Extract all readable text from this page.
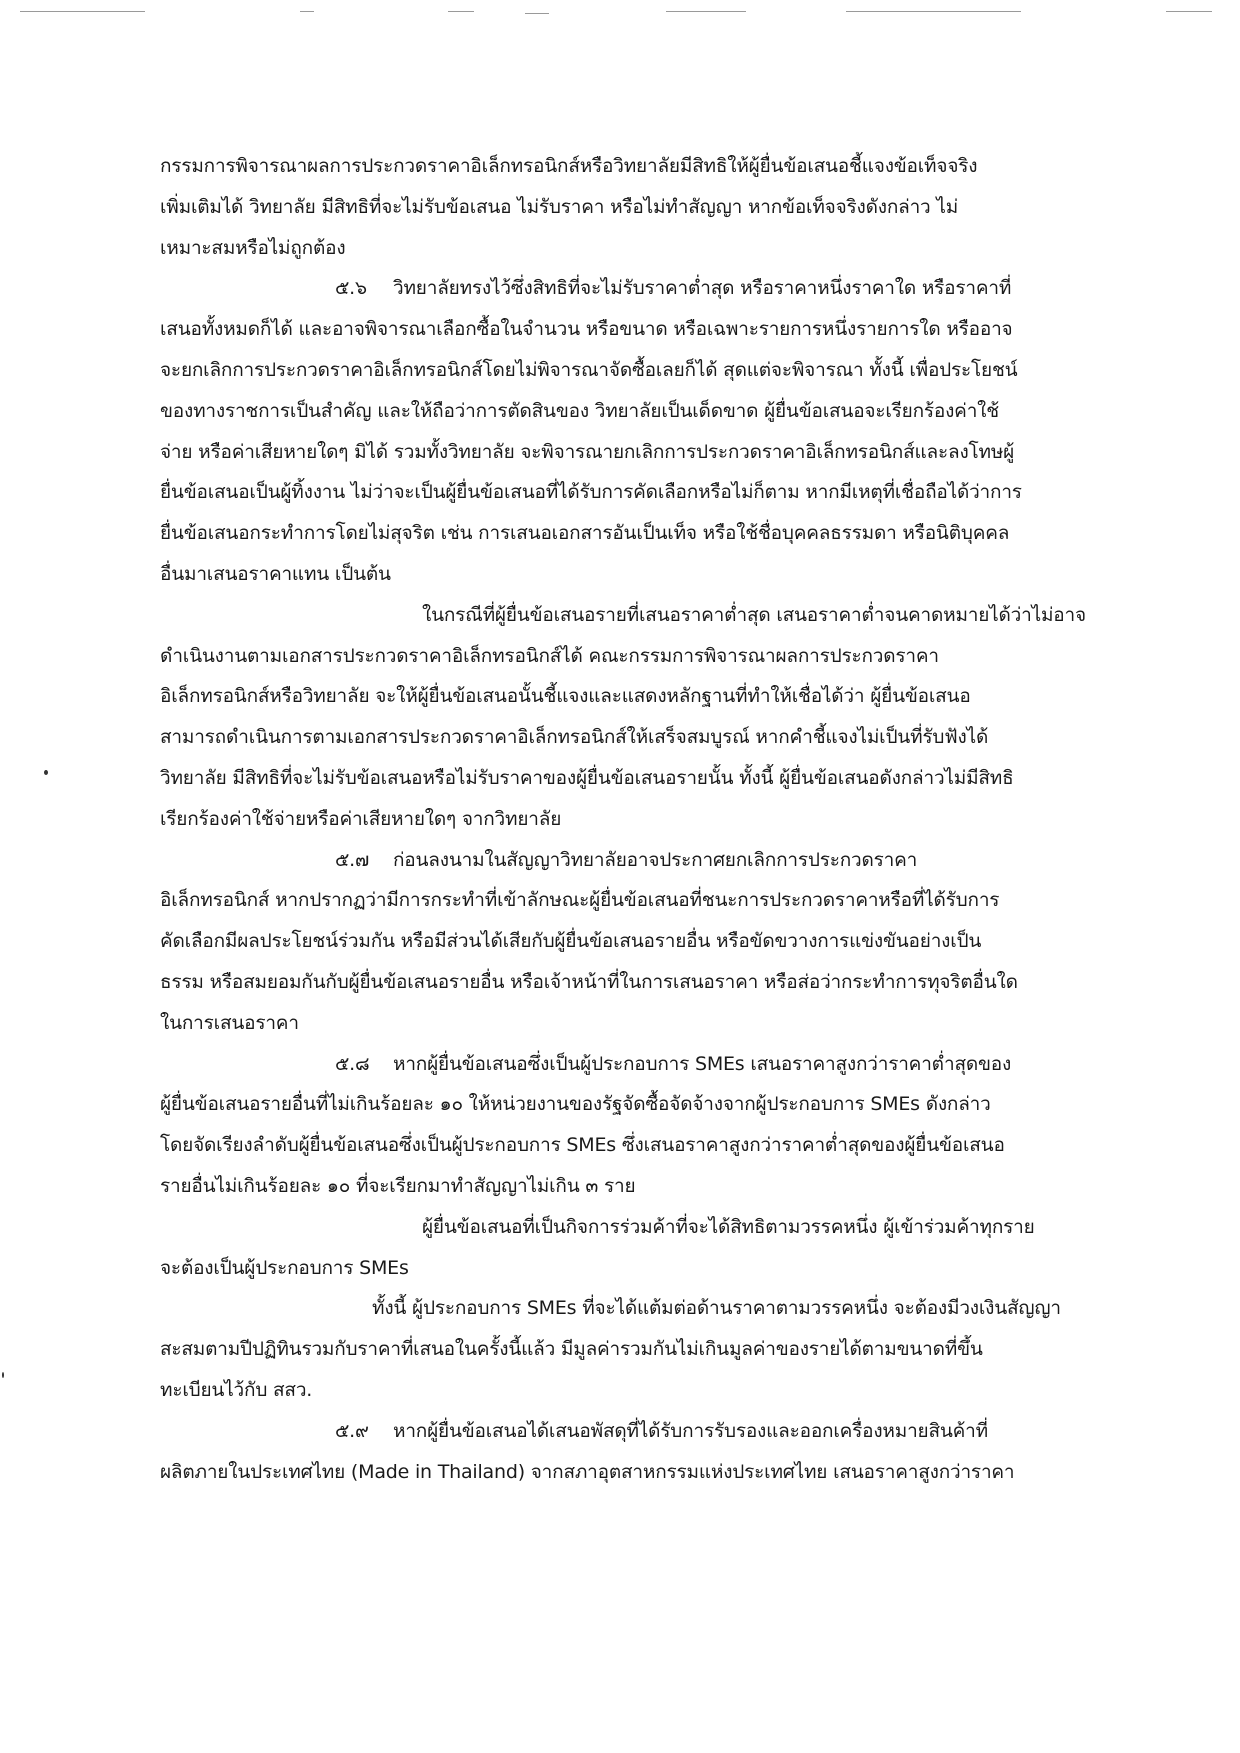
กรรมการพิจารณาผลการประกวดราคาอิเล็กทรอนิกส์หรือวิทยาลัยมีสิทธิให้ผู้ยื่นข้อเสนอชี้แจงข้อเท็จจริง
เพิ่มเติมได้ วิทยาลัย มีสิทธิที่จะไม่รับข้อเสนอ ไม่รับราคา หรือไม่ทำสัญญา หากข้อเท็จจริงดังกล่าว ไม่
เหมาะสมหรือไม่ถูกต้อง
๕.๖ วิทยาลัยทรงไว้ซึ่งสิทธิที่จะไม่รับราคาต่ำสุด หรือราคาหนึ่งราคาใด หรือราคาที่
เสนอทั้งหมดก็ได้ และอาจพิจารณาเลือกซื้อในจำนวน หรือขนาด หรือเฉพาะรายการหนึ่งรายการใด หรืออาจ
จะยกเลิกการประกวดราคาอิเล็กทรอนิกส์โดยไม่พิจารณาจัดซื้อเลยก็ได้ สุดแต่จะพิจารณา ทั้งนี้ เพื่อประโยชน์
ของทางราชการเป็นสำคัญ และให้ถือว่าการตัดสินของ วิทยาลัยเป็นเด็ดขาด ผู้ยื่นข้อเสนอจะเรียกร้องค่าใช้
จ่าย หรือค่าเสียหายใดๆ มิได้ รวมทั้งวิทยาลัย จะพิจารณายกเลิกการประกวดราคาอิเล็กทรอนิกส์และลงโทษผู้
ยื่นข้อเสนอเป็นผู้ทิ้งงาน ไม่ว่าจะเป็นผู้ยื่นข้อเสนอที่ได้รับการคัดเลือกหรือไม่ก็ตาม หากมีเหตุที่เชื่อถือได้ว่าการ
ยื่นข้อเสนอกระทำการโดยไม่สุจริต เช่น การเสนอเอกสารอันเป็นเท็จ หรือใช้ชื่อบุคคลธรรมดา หรือนิติบุคคล
อื่นมาเสนอราคาแทน เป็นต้น
ในกรณีที่ผู้ยื่นข้อเสนอรายที่เสนอราคาต่ำสุด เสนอราคาต่ำจนคาดหมายได้ว่าไม่อาจ
ดำเนินงานตามเอกสารประกวดราคาอิเล็กทรอนิกส์ได้ คณะกรรมการพิจารณาผลการประกวดราคา
อิเล็กทรอนิกส์หรือวิทยาลัย จะให้ผู้ยื่นข้อเสนอนั้นชี้แจงและแสดงหลักฐานที่ทำให้เชื่อได้ว่า ผู้ยื่นข้อเสนอ
สามารถดำเนินการตามเอกสารประกวดราคาอิเล็กทรอนิกส์ให้เสร็จสมบูรณ์ หากคำชี้แจงไม่เป็นที่รับฟังได้
วิทยาลัย มีสิทธิที่จะไม่รับข้อเสนอหรือไม่รับราคาของผู้ยื่นข้อเสนอรายนั้น ทั้งนี้ ผู้ยื่นข้อเสนอดังกล่าวไม่มีสิทธิ
เรียกร้องค่าใช้จ่ายหรือค่าเสียหายใดๆ จากวิทยาลัย
๕.๗ ก่อนลงนามในสัญญาวิทยาลัยอาจประกาศยกเลิกการประกวดราคา
อิเล็กทรอนิกส์ หากปรากฏว่ามีการกระทำที่เข้าลักษณะผู้ยื่นข้อเสนอที่ชนะการประกวดราคาหรือที่ได้รับการ
คัดเลือกมีผลประโยชน์ร่วมกัน หรือมีส่วนได้เสียกับผู้ยื่นข้อเสนอรายอื่น หรือขัดขวางการแข่งขันอย่างเป็น
ธรรม หรือสมยอมกันกับผู้ยื่นข้อเสนอรายอื่น หรือเจ้าหน้าที่ในการเสนอราคา หรือส่อว่ากระทำการทุจริตอื่นใด
ในการเสนอราคา
๕.๘ หากผู้ยื่นข้อเสนอซึ่งเป็นผู้ประกอบการ SMEs เสนอราคาสูงกว่าราคาต่ำสุดของ
ผู้ยื่นข้อเสนอรายอื่นที่ไม่เกินร้อยละ ๑๐ ให้หน่วยงานของรัฐจัดซื้อจัดจ้างจากผู้ประกอบการ SMEs ดังกล่าว
โดยจัดเรียงลำดับผู้ยื่นข้อเสนอซึ่งเป็นผู้ประกอบการ SMEs ซึ่งเสนอราคาสูงกว่าราคาต่ำสุดของผู้ยื่นข้อเสนอ
รายอื่นไม่เกินร้อยละ ๑๐ ที่จะเรียกมาทำสัญญาไม่เกิน ๓ ราย
ผู้ยื่นข้อเสนอที่เป็นกิจการร่วมค้าที่จะได้สิทธิตามวรรคหนึ่ง ผู้เข้าร่วมค้าทุกราย
จะต้องเป็นผู้ประกอบการ SMEs
ทั้งนี้ ผู้ประกอบการ SMEs ที่จะได้แต้มต่อด้านราคาตามวรรคหนึ่ง จะต้องมีวงเงินสัญญา
สะสมตามปีปฏิทินรวมกับราคาที่เสนอในครั้งนี้แล้ว มีมูลค่ารวมกันไม่เกินมูลค่าของรายได้ตามขนาดที่ขึ้น
ทะเบียนไว้กับ สสว.
๕.๙ หากผู้ยื่นข้อเสนอได้เสนอพัสดุที่ได้รับการรับรองและออกเครื่องหมายสินค้าที่
ผลิตภายในประเทศไทย (Made in Thailand) จากสภาอุตสาหกรรมแห่งประเทศไทย เสนอราคาสูงกว่าราคา
